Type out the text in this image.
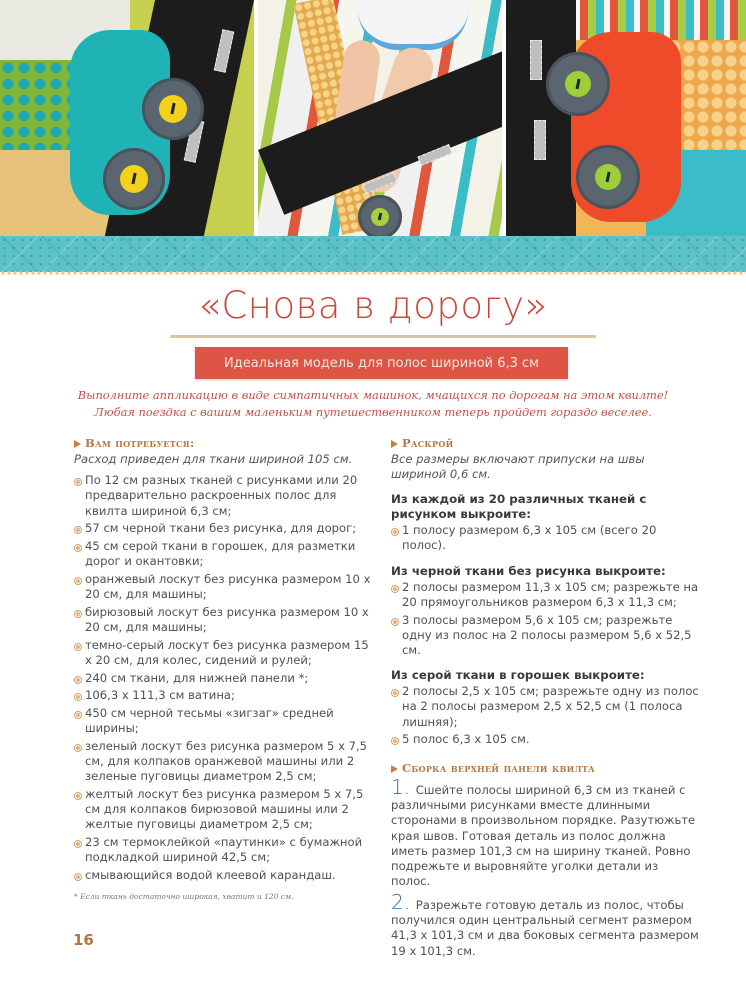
«Снова в дорогу»
Идеальная модель для полос шириной 6,3 см
Выполните аппликацию в виде симпатичных машинок, мчащихся по дорогам на этом квилте!
Любая поездка с вашим маленьким путешественником теперь пройдет гораздо веселее.
Вам потребуется:
Расход приведен для ткани шириной 105 см.
По 12 см разных тканей с рисунками или 20 предварительно раскроенных полос для квилта шириной 6,3 см;
57 см черной ткани без рисунка, для дорог;
45 см серой ткани в горошек, для разметки дорог и окантовки;
оранжевый лоскут без рисунка размером 10 х 20 см, для машины;
бирюзовый лоскут без рисунка размером 10 х 20 см, для машины;
темно-серый лоскут без рисунка размером 15 х 20 см, для колес, сидений и рулей;
240 см ткани, для нижней панели *;
106,3 х 111,3 см ватина;
450 см черной тесьмы «зигзаг» средней ширины;
зеленый лоскут без рисунка размером 5 х 7,5 см, для колпаков оранжевой машины или 2 зеленые пуговицы диаметром 2,5 см;
желтый лоскут без рисунка размером 5 х 7,5 см для колпаков бирюзовой машины или 2 желтые пуговицы диаметром 2,5 см;
23 см термоклейкой «паутинки» с бумажной подкладкой шириной 42,5 см;
смывающийся водой клеевой карандаш.
* Если ткань достаточно широкая, хватит и 120 см.
Раскрой
Все размеры включают припуски на швы шириной 0,6 см.
Из каждой из 20 различных тканей с рисунком выкроите:
1 полосу размером 6,3 х 105 см (всего 20 полос).
Из черной ткани без рисунка выкроите:
2 полосы размером 11,3 х 105 см; разрежьте на 20 прямоугольников размером 6,3 х 11,3 см;
3 полосы размером 5,6 х 105 см; разрежьте одну из полос на 2 полосы размером 5,6 х 52,5 см.
Из серой ткани в горошек выкроите:
2 полосы 2,5 х 105 см; разрежьте одну из полос на 2 полосы размером 2,5 х 52,5 см (1 полоса лишняя);
5 полос 6,3 х 105 см.
Сборка верхней панели квилта
1. Сшейте полосы шириной 6,3 см из тканей с различными рисунками вместе длинными сторонами в произвольном порядке. Разутюжьте края швов. Готовая деталь из полос должна иметь размер 101,3 см на ширину тканей. Ровно подрежьте и выровняйте уголки детали из полос.
2. Разрежьте готовую деталь из полос, чтобы получился один центральный сегмент размером 41,3 х 101,3 см и два боковых сегмента размером 19 х 101,3 см.
16
